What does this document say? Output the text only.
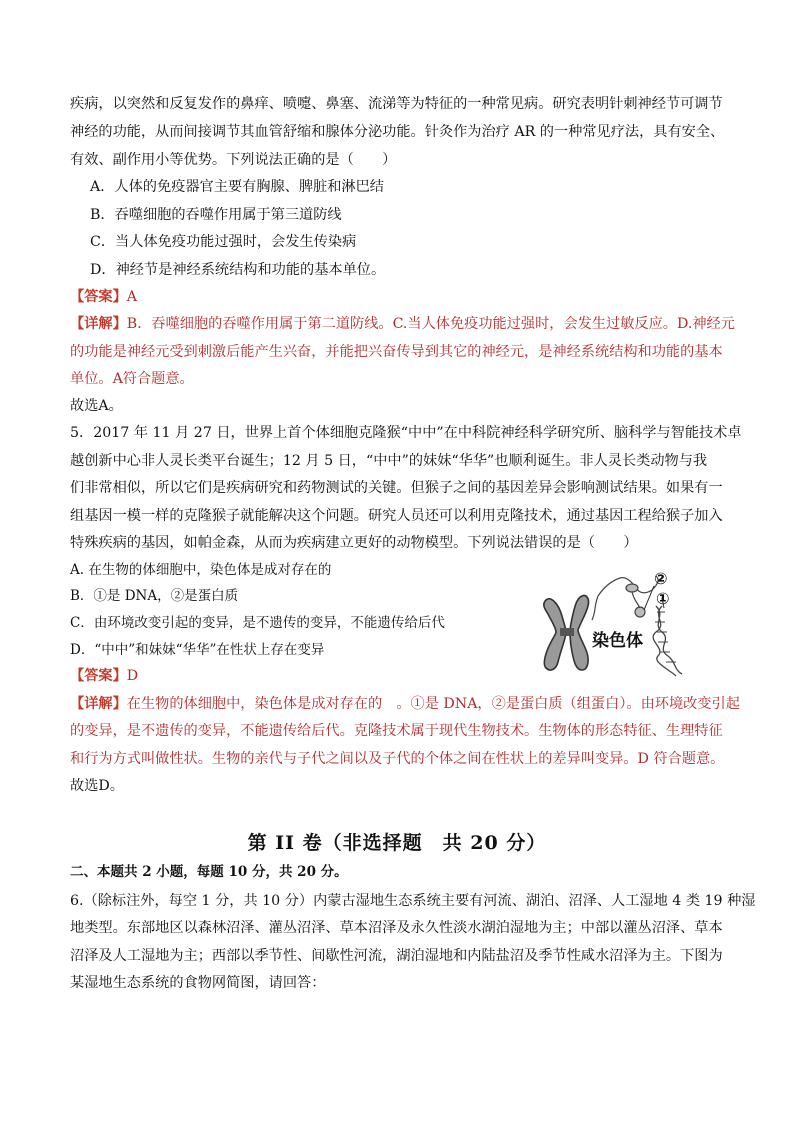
疾病，以突然和反复发作的鼻痒、喷嚏、鼻塞、流涕等为特征的一种常见病。研究表明针刺神经节可调节
神经的功能，从而间接调节其血管舒缩和腺体分泌功能。针灸作为治疗 AR 的一种常见疗法，具有安全、
有效、副作用小等优势。下列说法正确的是（　　）
A．人体的免疫器官主要有胸腺、脾脏和淋巴结
B．吞噬细胞的吞噬作用属于第三道防线
C．当人体免疫功能过强时，会发生传染病
D．神经节是神经系统结构和功能的基本单位。
【答案】A
【详解】B．吞噬细胞的吞噬作用属于第二道防线。C.当人体免疫功能过强时，会发生过敏反应。D.神经元
的功能是神经元受到刺激后能产生兴奋，并能把兴奋传导到其它的神经元，是神经系统结构和功能的基本
单位。A符合题意。
故选A。
5．2017 年 11 月 27 日，世界上首个体细胞克隆猴“中中”在中科院神经科学研究所、脑科学与智能技术卓
越创新中心非人灵长类平台诞生；12 月 5 日，“中中”的妹妹“华华”也顺利诞生。非人灵长类动物与我
们非常相似，所以它们是疾病研究和药物测试的关键。但猴子之间的基因差异会影响测试结果。如果有一
组基因一模一样的克隆猴子就能解决这个问题。研究人员还可以利用克隆技术，通过基因工程给猴子加入
特殊疾病的基因，如帕金森，从而为疾病建立更好的动物模型。下列说法错误的是（　　）
A. 在生物的体细胞中，染色体是成对存在的
B．①是 DNA，②是蛋白质
C．由环境改变引起的变异，是不遗传的变异，不能遗传给后代
D．“中中”和妹妹“华华”在性状上存在变异
②
①
染色体
【答案】D
【详解】在生物的体细胞中，染色体是成对存在的　。①是 DNA，②是蛋白质（组蛋白）。由环境改变引起
的变异，是不遗传的变异，不能遗传给后代。克隆技术属于现代生物技术。生物体的形态特征、生理特征
和行为方式叫做性状。生物的亲代与子代之间以及子代的个体之间在性状上的差异叫变异。D 符合题意。
故选D。
第 II 卷（非选择题　共 20 分）
二、本题共 2 小题，每题 10 分，共 20 分。
6.（除标注外，每空 1 分，共 10 分）内蒙古湿地生态系统主要有河流、湖泊、沼泽、人工湿地 4 类 19 种湿
地类型。东部地区以森林沼泽、灌丛沼泽、草本沼泽及永久性淡水湖泊湿地为主；中部以灌丛沼泽、草本
沼泽及人工湿地为主；西部以季节性、间歇性河流，湖泊湿地和内陆盐沼及季节性咸水沼泽为主。下图为
某湿地生态系统的食物网简图，请回答：
